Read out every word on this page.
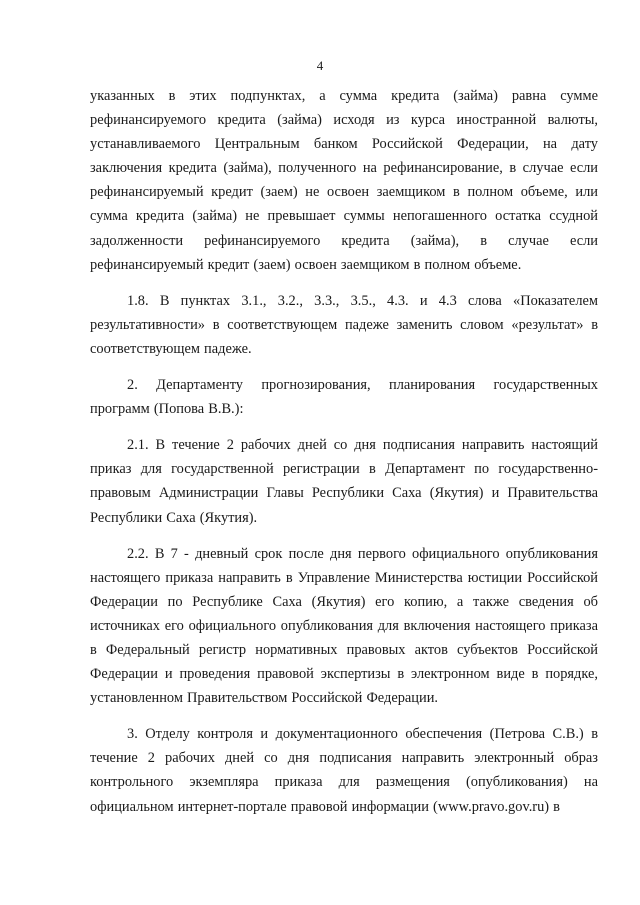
4

указанных в этих подпунктах, а сумма кредита (займа) равна сумме рефинансируемого кредита (займа) исходя из курса иностранной валюты, устанавливаемого Центральным банком Российской Федерации, на дату заключения кредита (займа), полученного на рефинансирование, в случае если рефинансируемый кредит (заем) не освоен заемщиком в полном объеме, или сумма кредита (займа) не превышает суммы непогашенного остатка ссудной задолженности рефинансируемого кредита (займа), в случае если рефинансируемый кредит (заем) освоен заемщиком в полном объеме.

1.8. В пунктах 3.1., 3.2., 3.3., 3.5., 4.3. и 4.3 слова «Показателем результативности» в соответствующем падеже заменить словом «результат» в соответствующем падеже.

2. Департаменту прогнозирования, планирования государственных программ (Попова В.В.):

2.1. В течение 2 рабочих дней со дня подписания направить настоящий приказ для государственной регистрации в Департамент по государственно-правовым Администрации Главы Республики Саха (Якутия) и Правительства Республики Саха (Якутия).

2.2. В 7 - дневный срок после дня первого официального опубликования настоящего приказа направить в Управление Министерства юстиции Российской Федерации по Республике Саха (Якутия) его копию, а также сведения об источниках его официального опубликования для включения настоящего приказа в Федеральный регистр нормативных правовых актов субъектов Российской Федерации и проведения правовой экспертизы в электронном виде в порядке, установленном Правительством Российской Федерации.

3. Отделу контроля и документационного обеспечения (Петрова С.В.) в течение 2 рабочих дней со дня подписания направить электронный образ контрольного экземпляра приказа для размещения (опубликования) на официальном интернет-портале правовой информации (www.pravo.gov.ru) в
